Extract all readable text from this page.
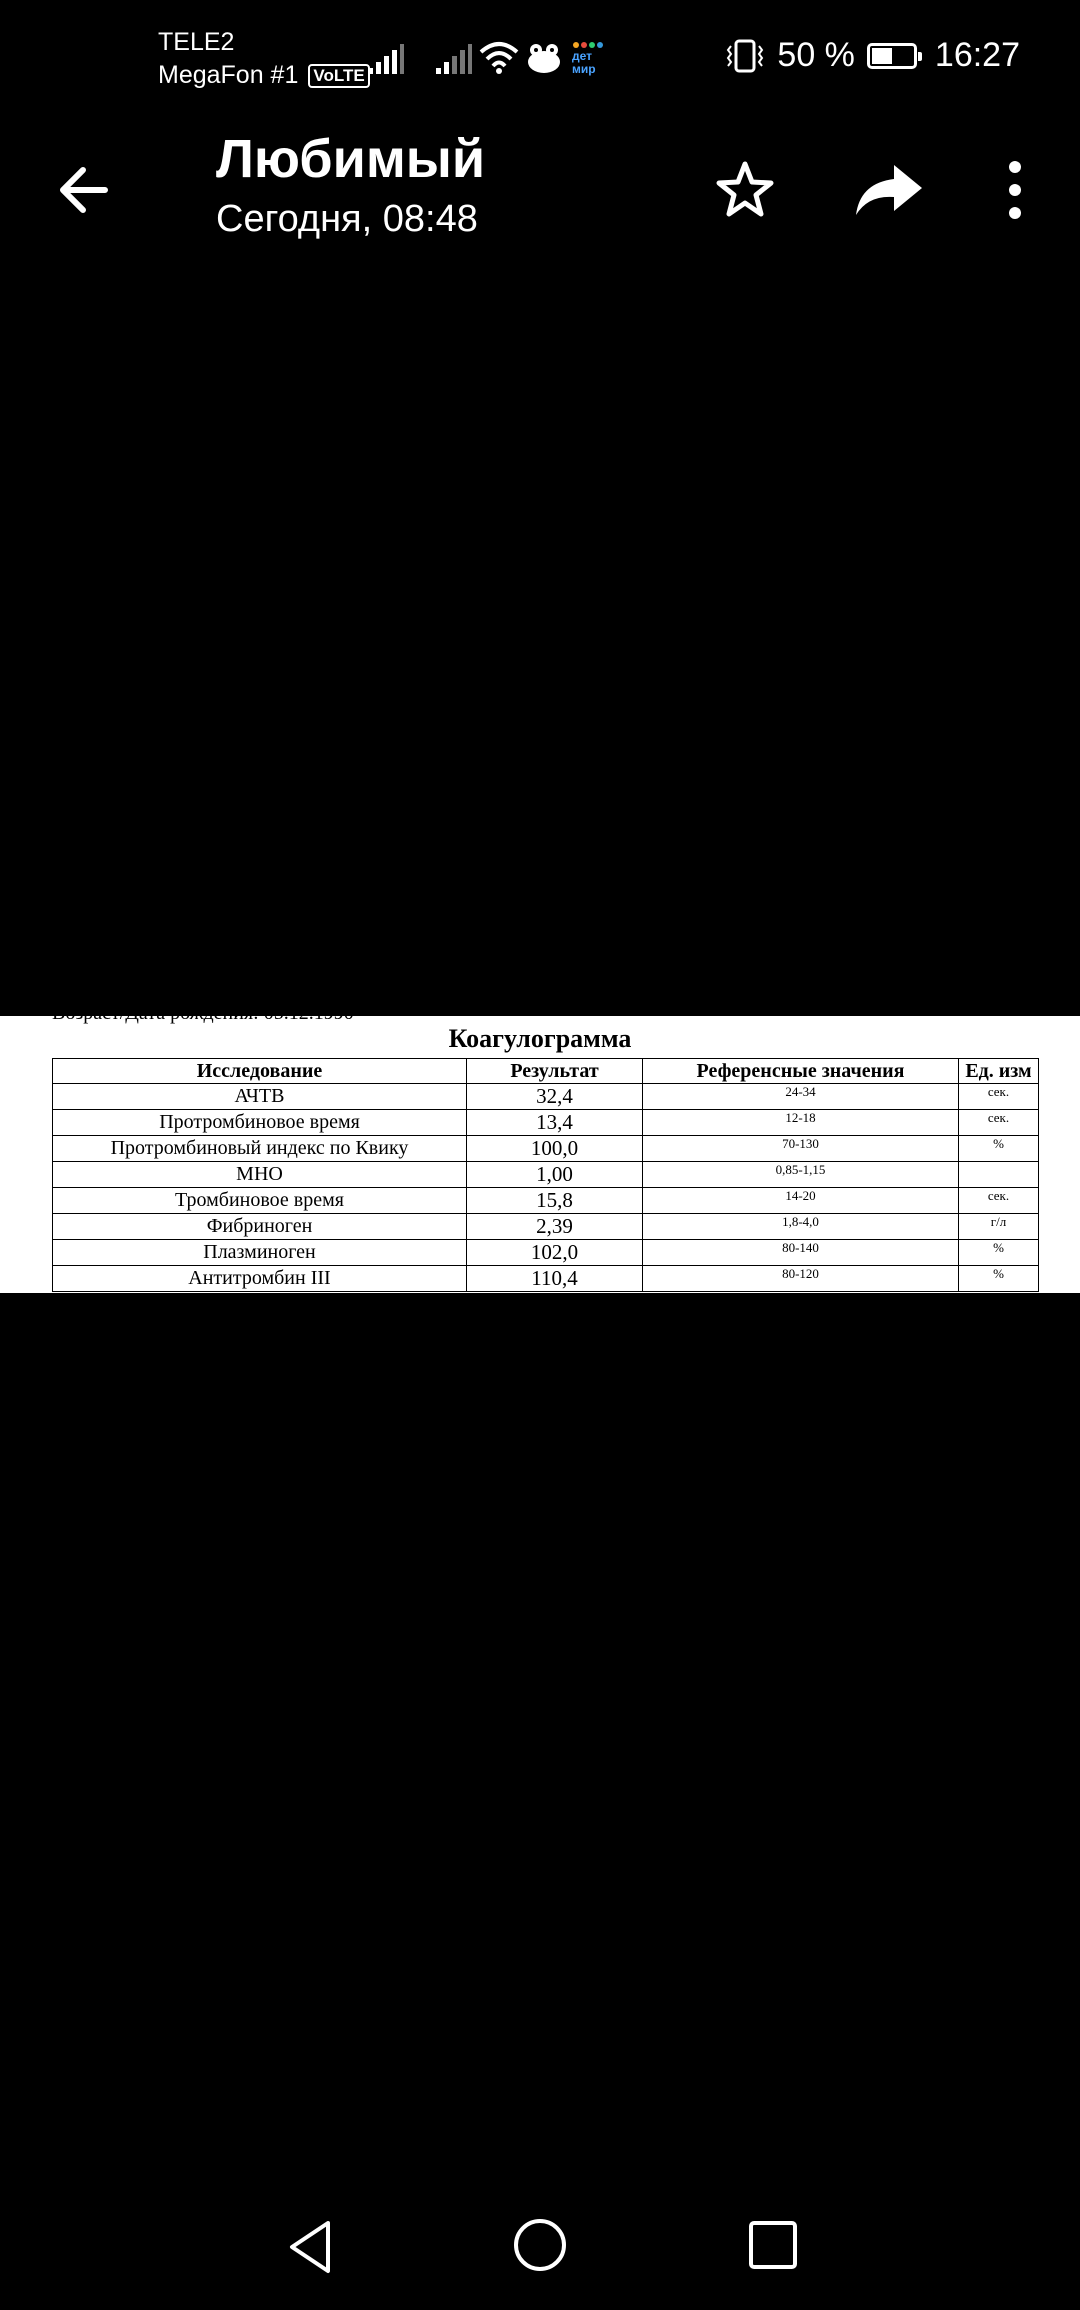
TELE2
MegaFon #1 VoLTE
дет
мир	50 % 16:27
Любимый
Сегодня, 08:48
Возраст/Дата рождения: 05.12.1990
Коагулограмма
Исследование	Результат	Референсные значения	Ед. изм
АЧТВ	32,4	24-34	сек.
Протромбиновое время	13,4	12-18	сек.
Протромбиновый индекс по Квику	100,0	70-130	%
МНО	1,00	0,85-1,15	
Тромбиновое время	15,8	14-20	сек.
Фибриноген	2,39	1,8-4,0	г/л
Плазминоген	102,0	80-140	%
Антитромбин III	110,4	80-120	%
